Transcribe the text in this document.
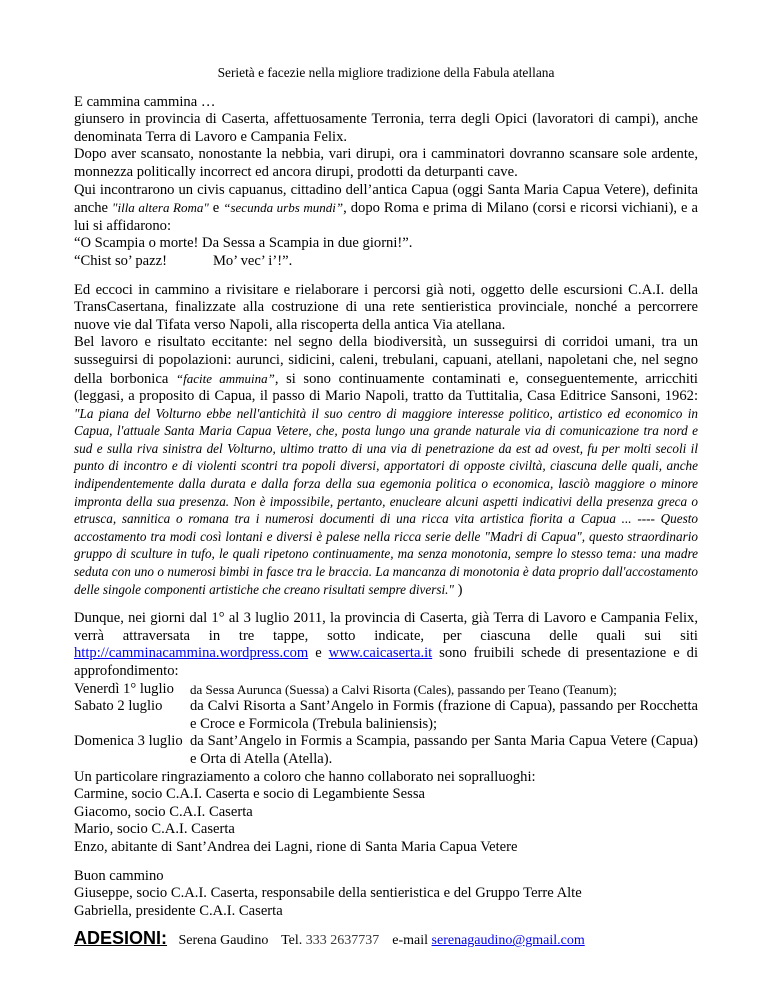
Serietà e facezie nella migliore tradizione della Fabula atellana

E cammina cammina …

giunsero in provincia di Caserta, affettuosamente Terronia, terra degli Opici (lavoratori di campi), anche denominata Terra di Lavoro e Campania Felix.

Dopo aver scansato, nonostante la nebbia, vari dirupi, ora i camminatori dovranno scansare sole ardente, monnezza politically incorrect ed ancora dirupi, prodotti da deturpanti cave.

Qui incontrarono un civis capuanus, cittadino dell’antica Capua (oggi Santa Maria Capua Vetere), definita anche "illa altera Roma" e “secunda urbs mundi”, dopo Roma e prima di Milano (corsi e ricorsi vichiani), e a lui si affidarono:

“O Scampia o morte! Da Sessa a Scampia in due giorni!”.

“Chist so’ pazz!	Mo’ vec’ i’!”.

Ed eccoci in cammino a rivisitare e rielaborare i percorsi già noti, oggetto delle escursioni C.A.I. della TransCasertana, finalizzate alla costruzione di una rete sentieristica provinciale, nonché a percorrere nuove vie dal Tifata verso Napoli, alla riscoperta della antica Via atellana.

Bel lavoro e risultato eccitante: nel segno della biodiversità, un susseguirsi di corridoi umani, tra un susseguirsi di popolazioni: aurunci, sidicini, caleni, trebulani, capuani, atellani, napoletani che, nel segno della borbonica “facite ammuina”, si sono continuamente contaminati e, conseguentemente, arricchiti (leggasi, a proposito di Capua, il passo di Mario Napoli, tratto da Tuttitalia, Casa Editrice Sansoni, 1962: "La piana del Volturno ebbe nell'antichità il suo centro di maggiore interesse politico, artistico ed economico in Capua, l'attuale Santa Maria Capua Vetere, che, posta lungo una grande naturale via di comunicazione tra nord e sud e sulla riva sinistra del Volturno, ultimo tratto di una via di penetrazione da est ad ovest, fu per molti secoli il punto di incontro e di violenti scontri tra popoli diversi, apportatori di opposte civiltà, ciascuna delle quali, anche indipendentemente dalla durata e dalla forza della sua egemonia politica o economica, lasciò maggiore o minore impronta della sua presenza. Non è impossibile, pertanto, enucleare alcuni aspetti indicativi della presenza greca o etrusca, sannitica o romana tra i numerosi documenti di una ricca vita artistica fiorita a Capua ... ---- Questo accostamento tra modi così lontani e diversi è palese nella ricca serie delle "Madri di Capua", questo straordinario gruppo di sculture in tufo, le quali ripetono continuamente, ma senza monotonia, sempre lo stesso tema: una madre seduta con uno o numerosi bimbi in fasce tra le braccia. La mancanza di monotonia è data proprio dall'accostamento delle singole componenti artistiche che creano risultati sempre diversi." )

Dunque, nei giorni dal 1° al 3 luglio 2011, la provincia di Caserta, già Terra di Lavoro e Campania Felix, verrà attraversata in tre tappe, sotto indicate, per ciascuna delle quali sui siti http://camminacammina.wordpress.com e www.caicaserta.it sono fruibili schede di presentazione e di approfondimento:

Venerdì 1° luglio	da Sessa Aurunca (Suessa) a Calvi Risorta (Cales), passando per Teano (Teanum);
Sabato 2 luglio	da Calvi Risorta a Sant’Angelo in Formis (frazione di Capua), passando per Rocchetta e Croce e Formicola (Trebula baliniensis);
Domenica 3 luglio da Sant’Angelo in Formis a Scampia, passando per Santa Maria Capua Vetere (Capua) e Orta di Atella (Atella).

Un particolare ringraziamento a coloro che hanno collaborato nei sopralluoghi:

Carmine, socio C.A.I. Caserta e socio di Legambiente Sessa

Giacomo, socio C.A.I. Caserta

Mario, socio C.A.I. Caserta

Enzo, abitante di Sant’Andrea dei Lagni, rione di Santa Maria Capua Vetere

Buon cammino

Giuseppe, socio C.A.I. Caserta, responsabile della sentieristica e del Gruppo Terre Alte

Gabriella, presidente C.A.I. Caserta

ADESIONI: Serena Gaudino Tel. 333 2637737 e-mail serenagaudino@gmail.com
